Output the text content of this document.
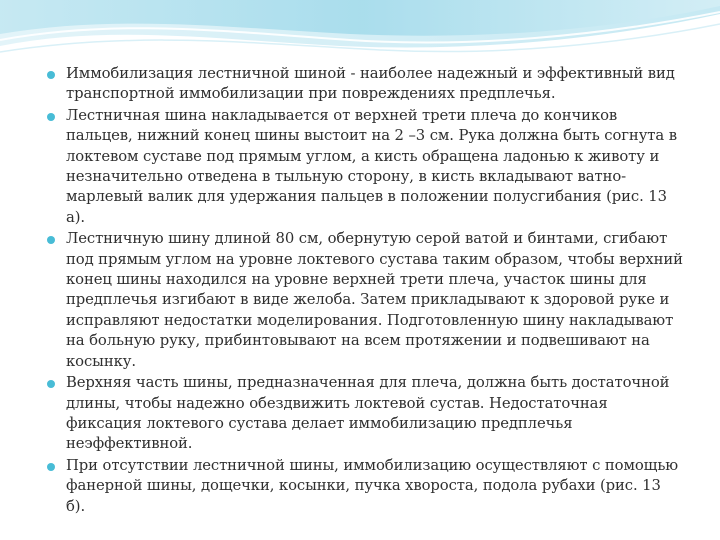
Иммобилизация лестничной шиной - наиболее надежный и эффективный вид транспортной иммобилизации при повреждениях предплечья.
Лестничная шина накладывается от верхней трети плеча до кончиков пальцев, нижний конец шины выстоит на 2 –3 см. Рука должна быть согнута в локтевом суставе под прямым углом, а кисть обращена ладонью к животу и незначительно отведена в тыльную сторону, в кисть вкладывают ватно-марлевый валик для удержания пальцев в положении полусгибания (рис. 13 а).
Лестничную шину длиной 80 см, обернутую серой ватой и бинтами, сгибают под прямым углом на уровне локтевого сустава таким образом, чтобы верхний конец шины находился на уровне верхней трети плеча, участок шины для предплечья изгибают в виде желоба. Затем прикладывают к здоровой руке и исправляют недостатки моделирования. Подготовленную шину накладывают на больную руку, прибинтовывают на всем протяжении и подвешивают на косынку.
Верхняя часть шины, предназначенная для плеча, должна быть достаточной длины, чтобы надежно обездвижить локтевой сустав. Недостаточная фиксация локтевого сустава делает иммобилизацию предплечья неэффективной.
При отсутствии лестничной шины, иммобилизацию осуществляют с помощью фанерной шины, дощечки, косынки, пучка хвороста, подола рубахи (рис. 13 б).
